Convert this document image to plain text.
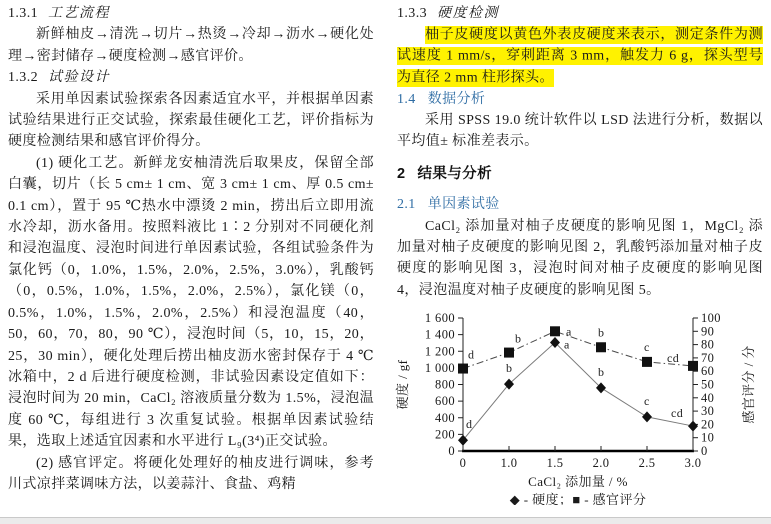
1.3.1 工艺流程

新鲜柚皮→清洗→切片→热烫→冷却→沥水→硬化处理→密封储存→硬度检测→感官评价。

1.3.2 试验设计

采用单因素试验探索各因素适宜水平，并根据单因素试验结果进行正交试验，探索最佳硬化工艺，评价指标为硬度检测结果和感官评价得分。

(1) 硬化工艺。新鲜龙安柚清洗后取果皮，保留全部白囊，切片（长 5 cm± 1 cm、宽 3 cm± 1 cm、厚 0.5 cm± 0.1 cm），置于 95 ℃热水中漂烫 2 min，捞出后立即用流水冷却，沥水备用。按照料液比 1∶2 分别对不同硬化剂和浸泡温度、浸泡时间进行单因素试验，各组试验条件为氯化钙（0，1.0%，1.5%，2.0%，2.5%，3.0%），乳酸钙（0，0.5%，1.0%，1.5%，2.0%，2.5%），氯化镁（0，0.5%，1.0%，1.5%，2.0%，2.5%）和浸泡温度（40，50，60，70，80，90 ℃），浸泡时间（5，10，15，20，25，30 min），硬化处理后捞出柚皮沥水密封保存于 4 ℃冰箱中，2 d 后进行硬度检测，非试验因素设定值如下：浸泡时间为 20 min，CaCl₂ 溶液质量分数为 1.5%，浸泡温度 60 ℃，每组进行 3 次重复试验。根据单因素试验结果，选取上述适宜因素和水平进行 L₉(3⁴)正交试验。

(2) 感官评定。将硬化处理好的柚皮进行调味，参考川式凉拌菜调味方法，以姜蒜汁、食盐、鸡精

1.3.3 硬度检测

柚子皮硬度以黄色外表皮硬度来表示，测定条件为测试速度 1 mm/s，穿刺距离 3 mm，触发力 6 g，探头型号为直径 2 mm 柱形探头。

1.4 数据分析

采用 SPSS 19.0 统计软件以 LSD 法进行分析，数据以平均值± 标准差表示。

2 结果与分析

2.1 单因素试验

CaCl₂ 添加量对柚子皮硬度的影响见图 1，MgCl₂ 添加量对柚子皮硬度的影响见图 2，乳酸钙添加量对柚子皮硬度的影响见图 3，浸泡时间对柚子皮硬度的影响见图 4，浸泡温度对柚子皮硬度的影响见图 5。

0
200
400
600
800
1 000
1 200
1 400
1 600
0
10
20
30
40
50
60
70
80
90
100
0	1.0 1.5 2.0 2.5 3.0
硬度 / gf	感官评分 / 分
CaCl₂ 添加量 / %
◆ - 硬度；■ - 感官评分
d
b
a
b
c
cd
d
b
a b
c
cd
